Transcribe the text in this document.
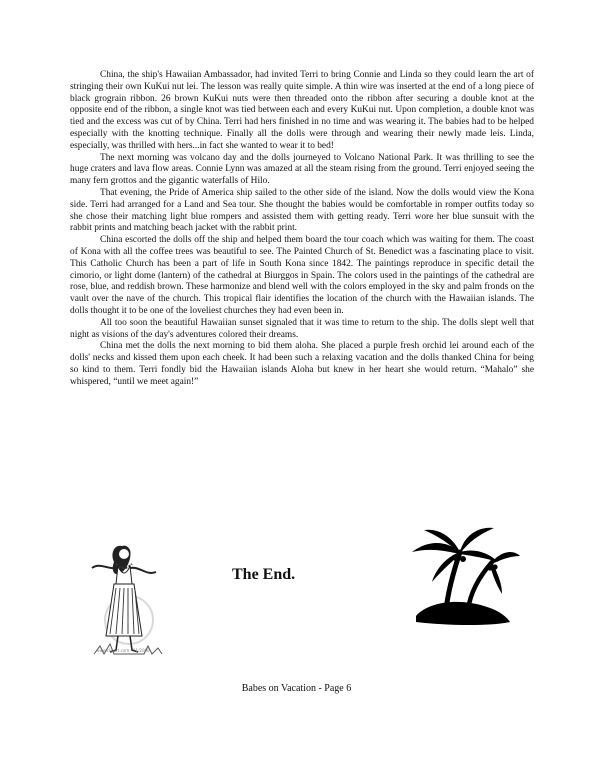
China, the ship's Hawaiian Ambassador, had invited Terri to bring Connie and Linda so they could learn the art of stringing their own KuKui nut lei. The lesson was really quite simple. A thin wire was inserted at the end of a long piece of black grograin ribbon. 26 brown KuKui nuts were then threaded onto the ribbon after securing a double knot at the opposite end of the ribbon, a single knot was tied between each and every KuKui nut. Upon completion, a double knot was tied and the excess was cut of by China. Terri had hers finished in no time and was wearing it. The babies had to be helped especially with the knotting technique. Finally all the dolls were through and wearing their newly made leis. Linda, especially, was thrilled with hers...in fact she wanted to wear it to bed!

The next morning was volcano day and the dolls journeyed to Volcano National Park. It was thrilling to see the huge craters and lava flow areas. Connie Lynn was amazed at all the steam rising from the ground. Terri enjoyed seeing the many fern grottos and the gigantic waterfalls of Hilo.

That evening, the Pride of America ship sailed to the other side of the island. Now the dolls would view the Kona side. Terri had arranged for a Land and Sea tour. She thought the babies would be comfortable in romper outfits today so she chose their matching light blue rompers and assisted them with getting ready. Terri wore her blue sunsuit with the rabbit prints and matching beach jacket with the rabbit print.

China escorted the dolls off the ship and helped them board the tour coach which was waiting for them. The coast of Kona with all the coffee trees was beautiful to see. The Painted Church of St. Benedict was a fascinating place to visit. This Catholic Church has been a part of life in South Kona since 1842. The paintings reproduce in specific detail the cimorio, or light dome (lantern) of the cathedral at Biurggos in Spain. The colors used in the paintings of the cathedral are rose, blue, and reddish brown. These harmonize and blend well with the colors employed in the sky and palm fronds on the vault over the nave of the church. This tropical flair identifies the location of the church with the Hawaiian islands. The dolls thought it to be one of the loveliest churches they had even been in.

All too soon the beautiful Hawaiian sunset signaled that it was time to return to the ship. The dolls slept well that night as visions of the day's adventures colored their dreams.

China met the dolls the next morning to bid them aloha. She placed a purple fresh orchid lei around each of the dolls' necks and kissed them upon each cheek. It had been such a relaxing vacation and the dolls thanked China for being so kind to them. Terri fondly bid the Hawaiian islands Aloha but knew in her heart she would return. “Mahalo” she whispered, “until we meet again!”

www.clipart.com · 11/2006
The End.
Babes on Vacation - Page 6
